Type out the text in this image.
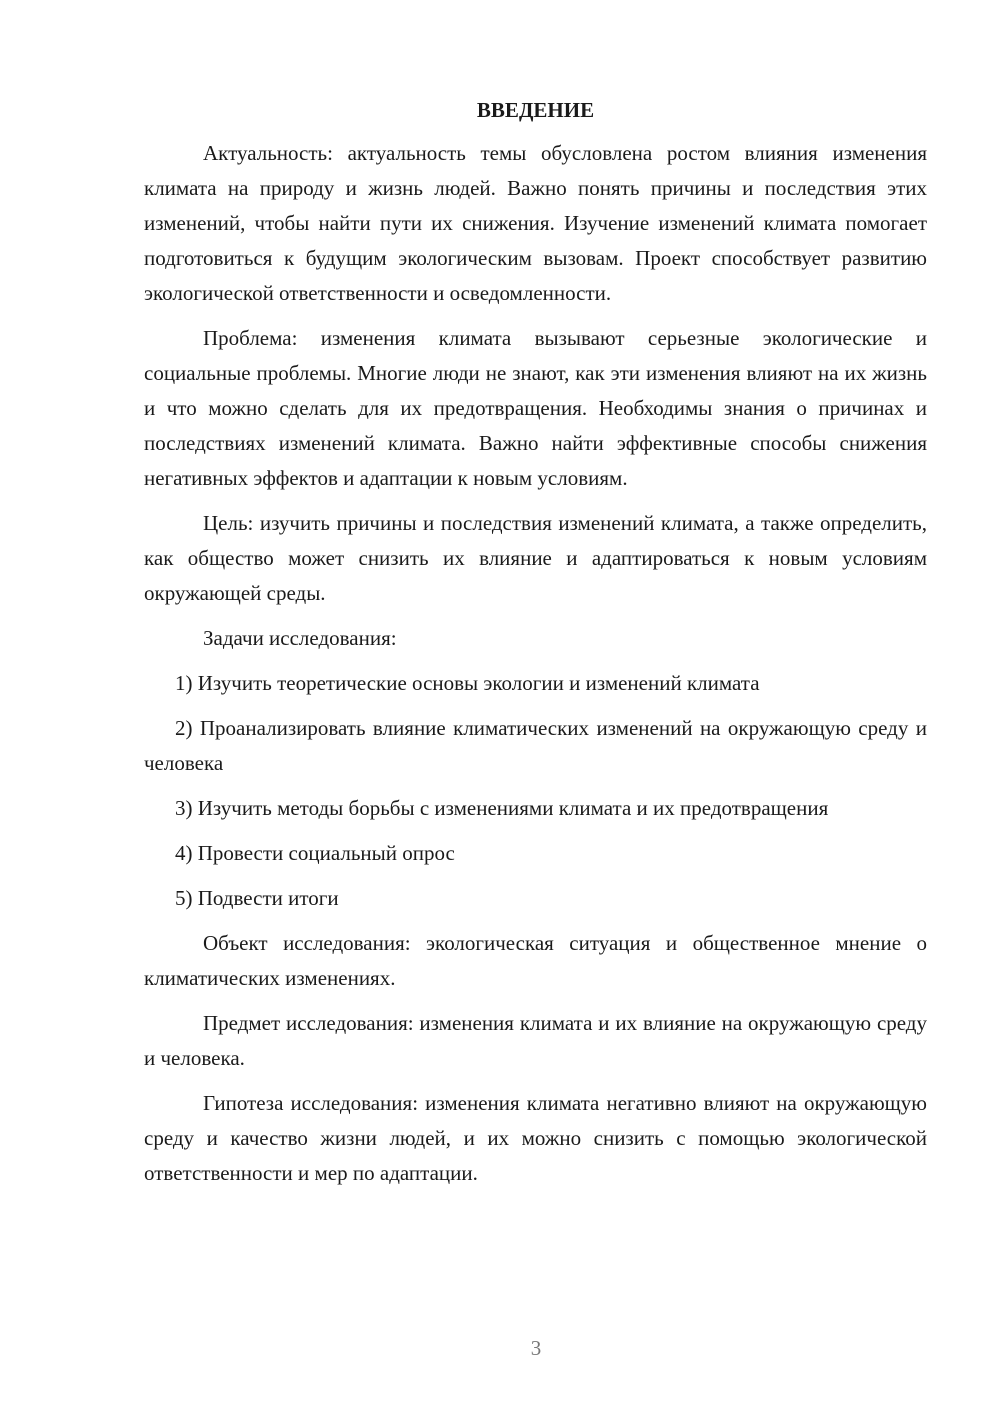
ВВЕДЕНИЕ

Актуальность: актуальность темы обусловлена ростом влияния изменения климата на природу и жизнь людей. Важно понять причины и последствия этих изменений, чтобы найти пути их снижения. Изучение изменений климата помогает подготовиться к будущим экологическим вызовам. Проект способствует развитию экологической ответственности и осведомленности.

Проблема: изменения климата вызывают серьезные экологические и социальные проблемы. Многие люди не знают, как эти изменения влияют на их жизнь и что можно сделать для их предотвращения. Необходимы знания о причинах и последствиях изменений климата. Важно найти эффективные способы снижения негативных эффектов и адаптации к новым условиям.

Цель: изучить причины и последствия изменений климата, а также определить, как общество может снизить их влияние и адаптироваться к новым условиям окружающей среды.

Задачи исследования:

1) Изучить теоретические основы экологии и изменений климата

2) Проанализировать влияние климатических изменений на окружающую среду и человека

3) Изучить методы борьбы с изменениями климата и их предотвращения

4) Провести социальный опрос

5) Подвести итоги

Объект исследования: экологическая ситуация и общественное мнение о климатических изменениях.

Предмет исследования: изменения климата и их влияние на окружающую среду и человека.

Гипотеза исследования: изменения климата негативно влияют на окружающую среду и качество жизни людей, и их можно снизить с помощью экологической ответственности и мер по адаптации.

3
